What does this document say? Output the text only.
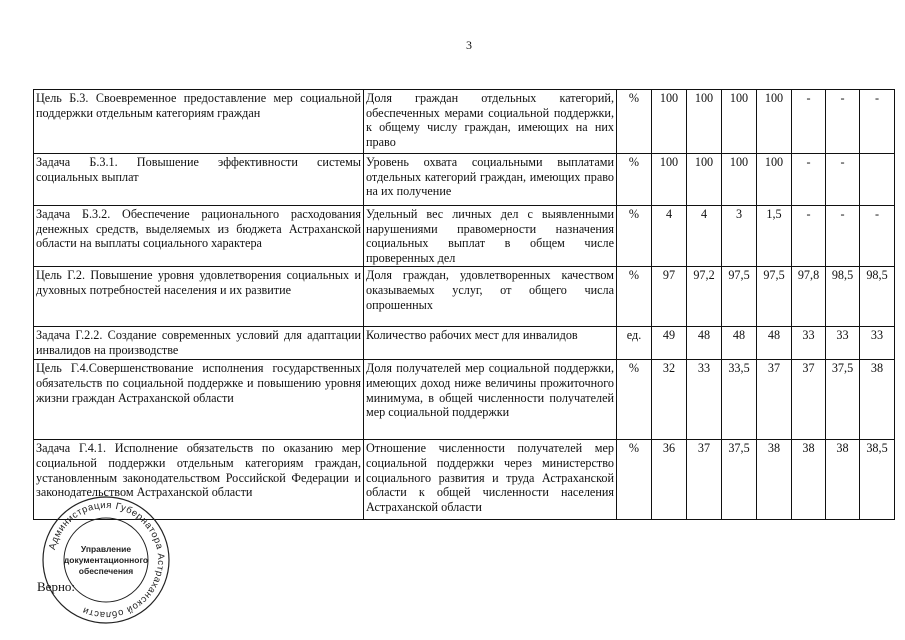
3
Цель Б.3. Своевременное предоставление мер социальной поддержки отдельным категориям граждан	Доля граждан отдельных категорий, обеспеченных мерами социальной поддержки, к общему числу граждан, имеющих на них право	%	100	100	100	100	-	-	-
Задача Б.3.1. Повышение эффективности системы социальных выплат	Уровень охвата социальными выплатами отдельных категорий граждан, имеющих право на их получение	%	100	100	100	100	-	-	
Задача Б.3.2. Обеспечение рационального расходования денежных средств, выделяемых из бюджета Астраханской области на выплаты социального характера	Удельный вес личных дел с выявленными нарушениями правомерности назначения социальных выплат в общем числе проверенных дел	%	4	4	3	1,5	-	-	-
Цель Г.2. Повышение уровня удовлетворения социальных и духовных потребностей населения и их развитие	Доля граждан, удовлетворенных качеством оказываемых услуг, от общего числа опрошенных	%	97	97,2	97,5	97,5	97,8	98,5	98,5
Задача Г.2.2. Создание современных условий для адаптации инвалидов на производстве	Количество рабочих мест для инвалидов	ед.	49	48	48	48	33	33	33
Цель Г.4.Совершенствование исполнения государственных обязательств по социальной поддержке и повышению уровня жизни граждан Астраханской области	Доля получателей мер социальной поддержки, имеющих доход ниже величины прожиточного минимума, в общей численности получателей мер социальной поддержки	%	32	33	33,5	37	37	37,5	38
Задача Г.4.1. Исполнение обязательств по оказанию мер социальной поддержки отдельным категориям граждан, установленным законодательством Российской Федерации и законодательством Астраханской области	Отношение численности получателей мер социальной поддержки через министерство социального развития и труда Астраханской области к общей численности населения Астраханской области	%	36	37	37,5	38	38	38	38,5
Администрация Губернатора Астраханской области
Управление
документационного
обеспечения
Верно:
